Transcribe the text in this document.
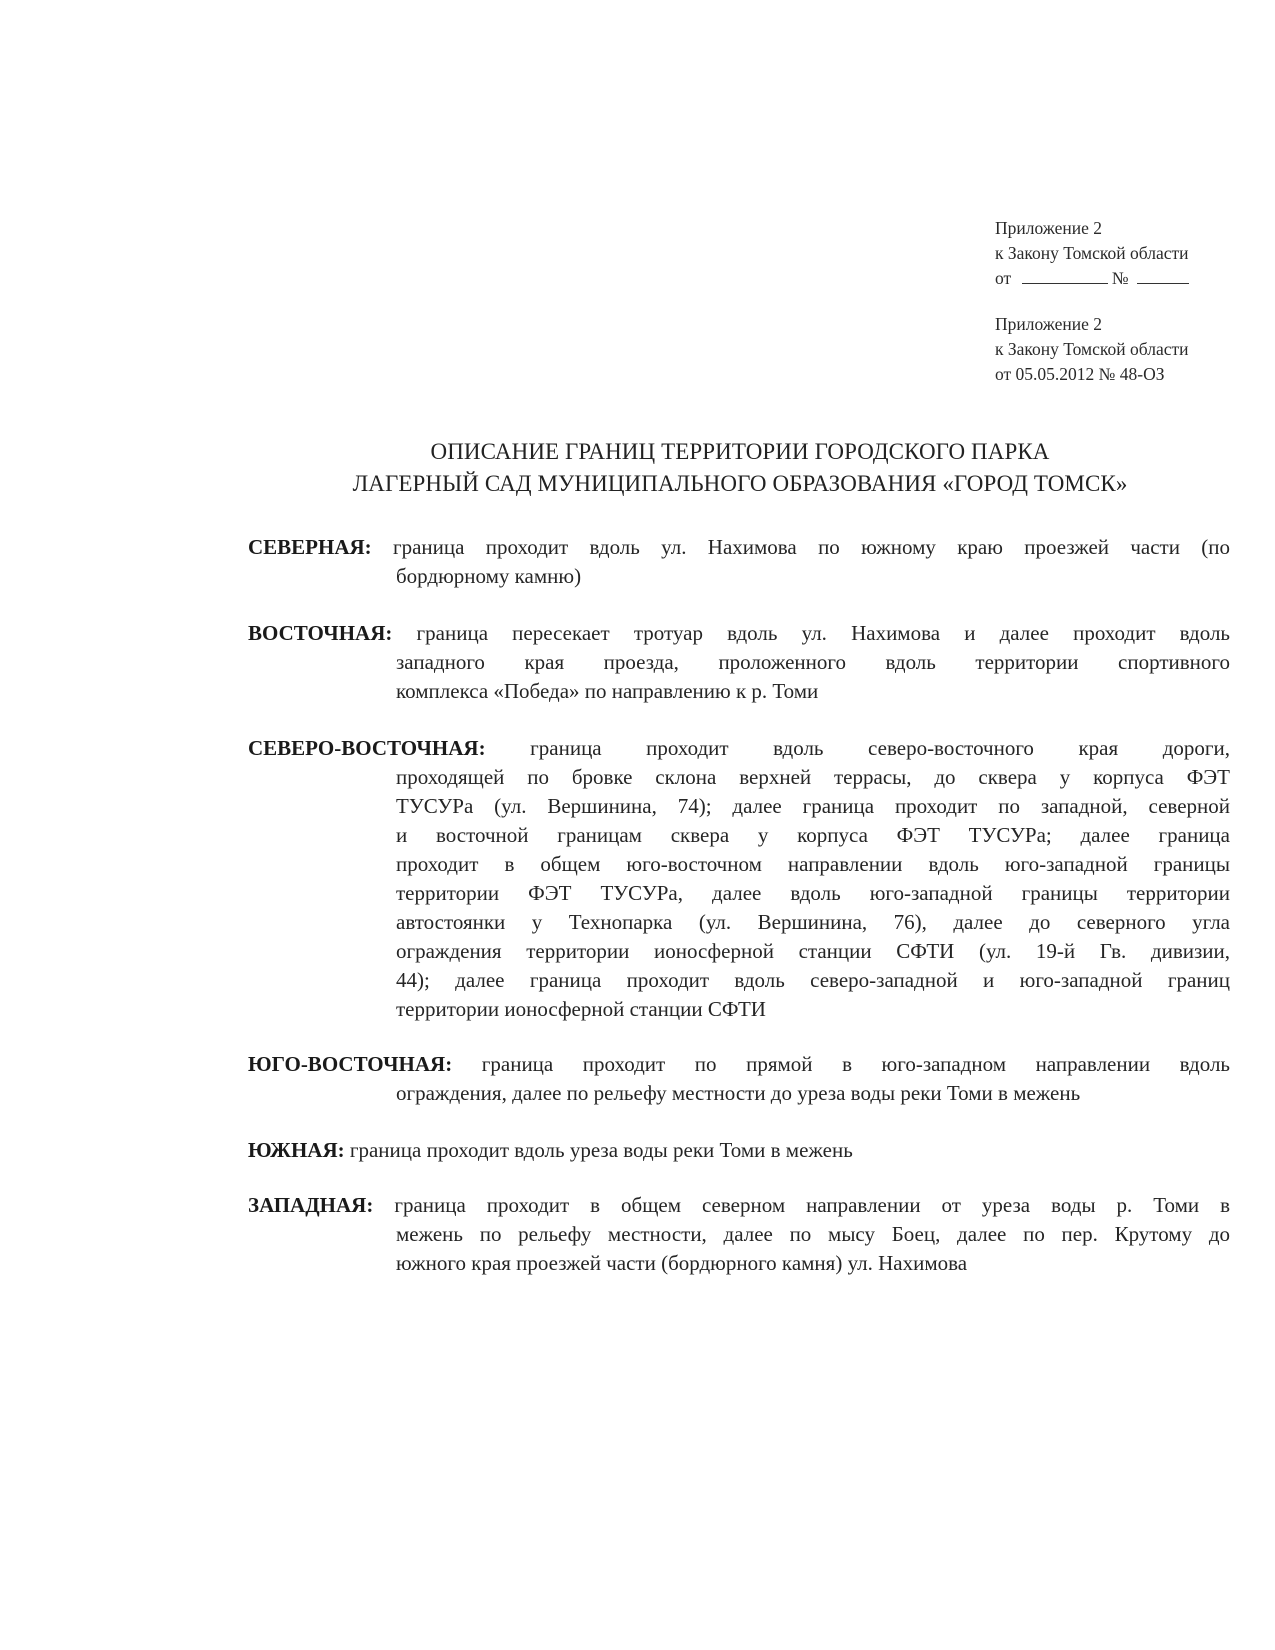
Приложение 2
к Закону Томской области
от	№
Приложение 2
к Закону Томской области
от 05.05.2012 № 48-ОЗ
ОПИСАНИЕ ГРАНИЦ ТЕРРИТОРИИ ГОРОДСКОГО ПАРКА
ЛАГЕРНЫЙ САД МУНИЦИПАЛЬНОГО ОБРАЗОВАНИЯ «ГОРОД ТОМСК»
СЕВЕРНАЯ: граница проходит вдоль ул. Нахимова по южному краю проезжей части (по
бордюрному камню)
ВОСТОЧНАЯ: граница пересекает тротуар вдоль ул. Нахимова и далее проходит вдоль
западного края проезда, проложенного вдоль территории спортивного
комплекса «Победа» по направлению к р. Томи
СЕВЕРО-ВОСТОЧНАЯ: граница проходит вдоль северо-восточного края дороги,
проходящей по бровке склона верхней террасы, до сквера у корпуса ФЭТ
ТУСУРа (ул. Вершинина, 74); далее граница проходит по западной, северной
и восточной границам сквера у корпуса ФЭТ ТУСУРа; далее граница
проходит в общем юго-восточном направлении вдоль юго-западной границы
территории ФЭТ ТУСУРа, далее вдоль юго-западной границы территории
автостоянки у Технопарка (ул. Вершинина, 76), далее до северного угла
ограждения территории ионосферной станции СФТИ (ул. 19-й Гв. дивизии,
44); далее граница проходит вдоль северо-западной и юго-западной границ
территории ионосферной станции СФТИ
ЮГО-ВОСТОЧНАЯ: граница проходит по прямой в юго-западном направлении вдоль
ограждения, далее по рельефу местности до уреза воды реки Томи в межень
ЮЖНАЯ: граница проходит вдоль уреза воды реки Томи в межень
ЗАПАДНАЯ: граница проходит в общем северном направлении от уреза воды р. Томи в
межень по рельефу местности, далее по мысу Боец, далее по пер. Крутому до
южного края проезжей части (бордюрного камня) ул. Нахимова
